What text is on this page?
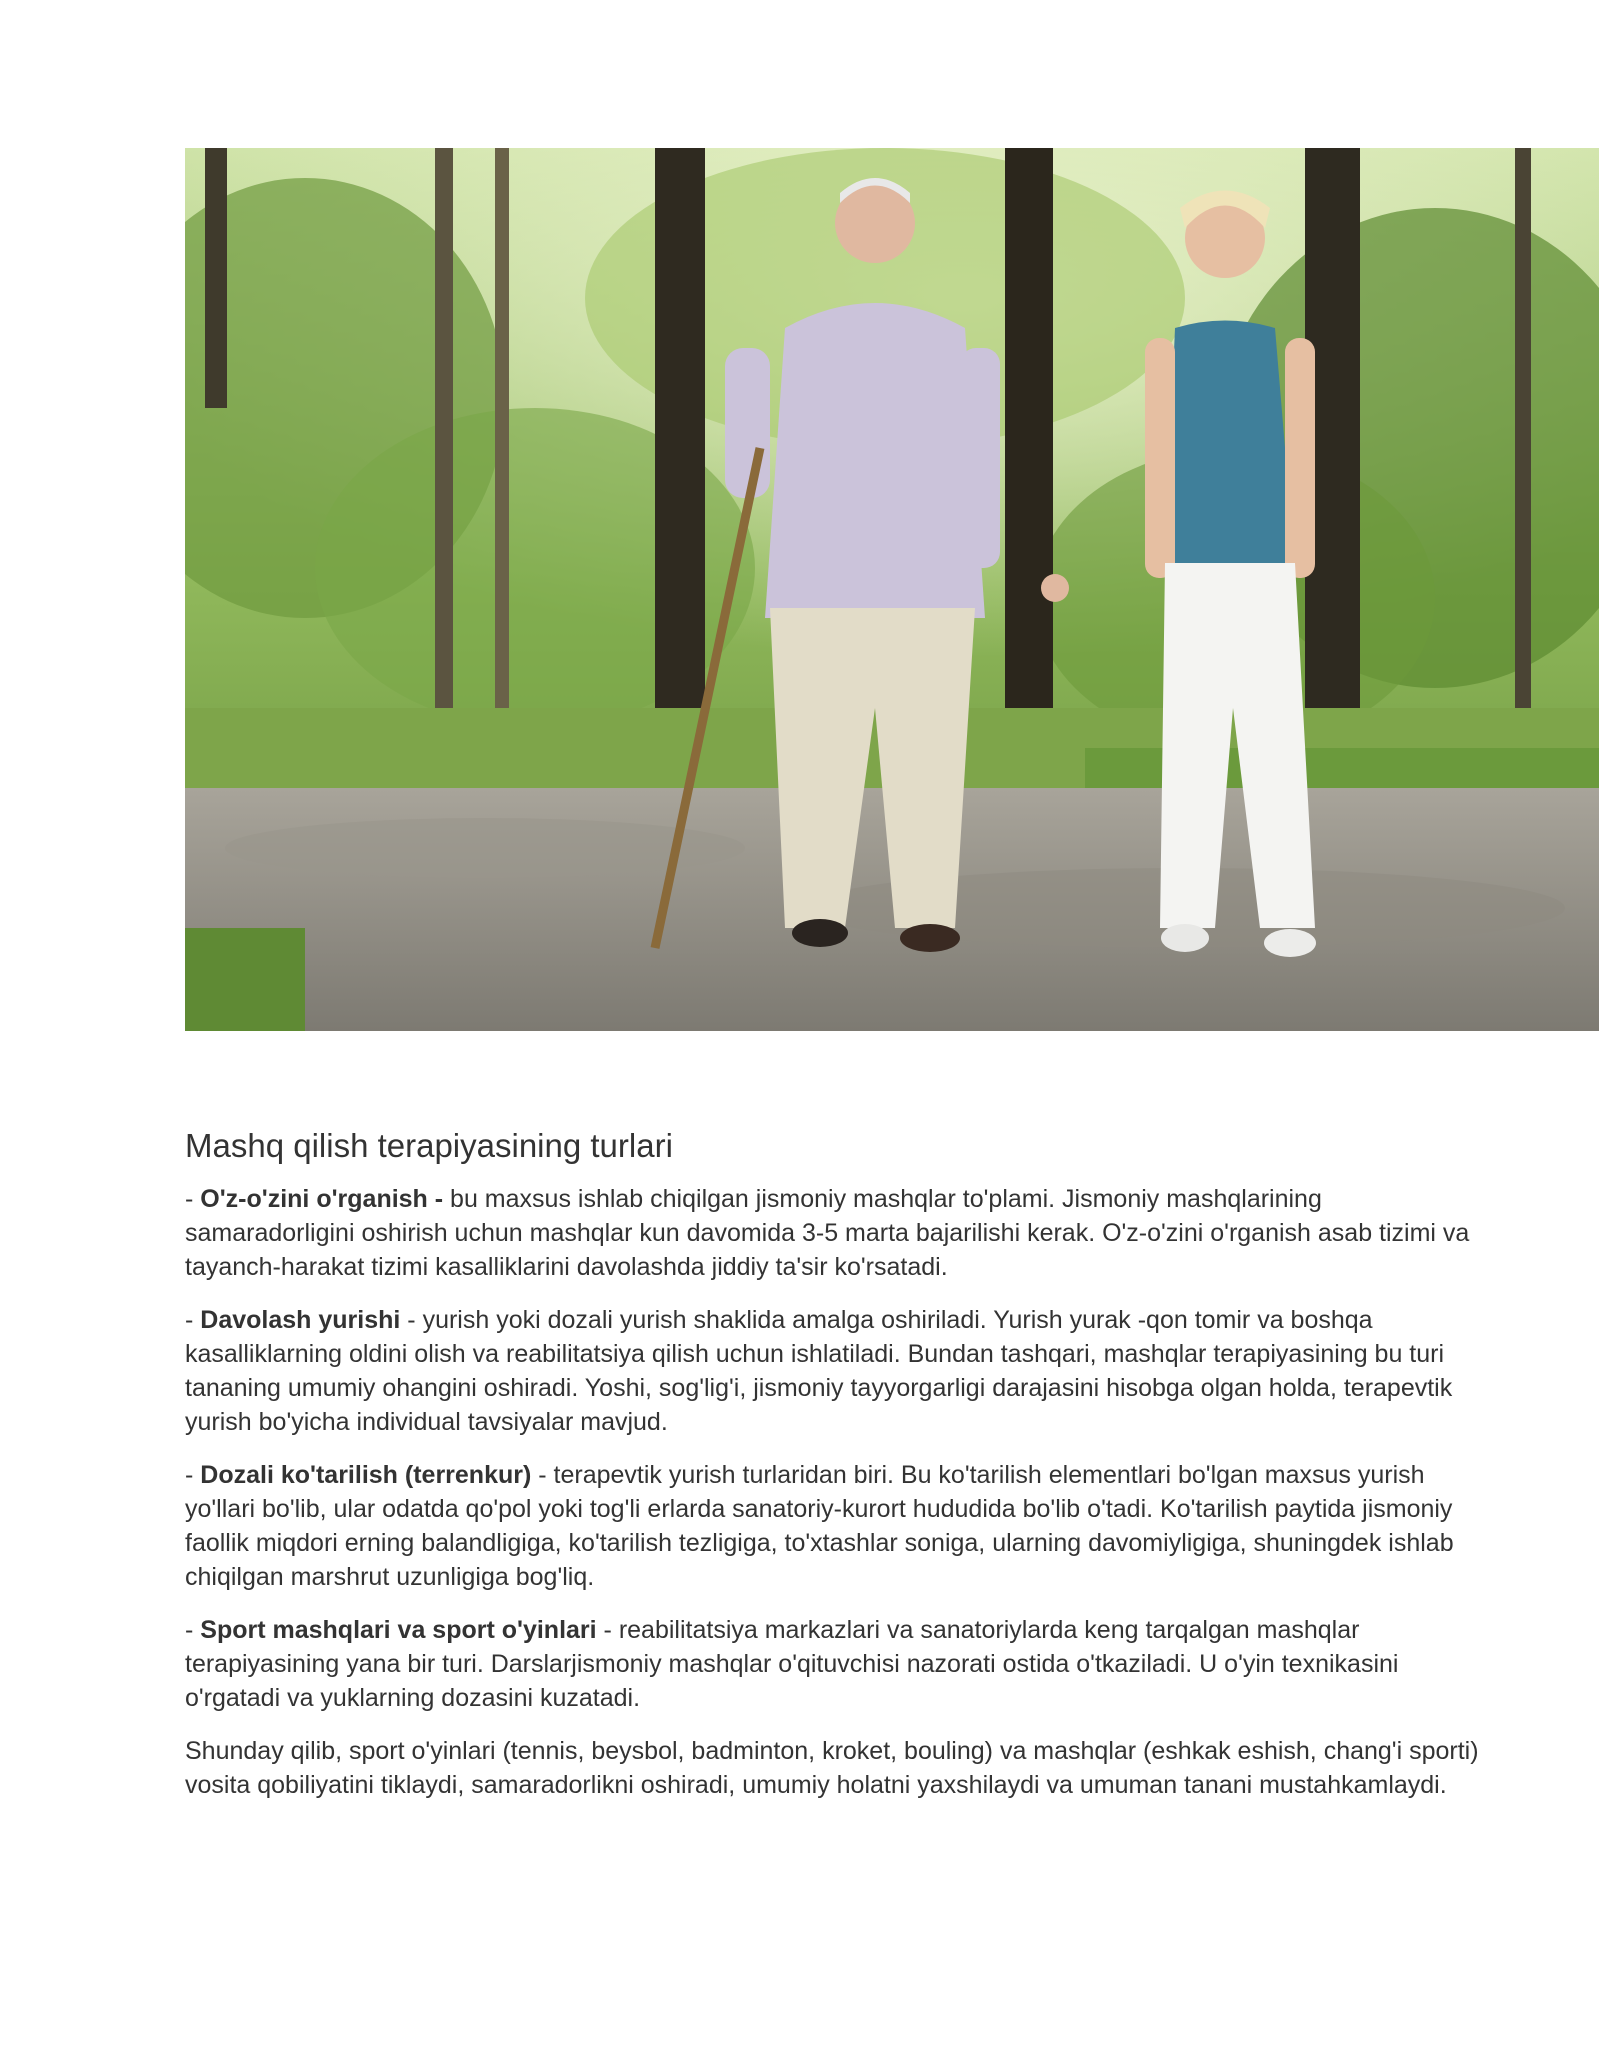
Mashq qilish terapiyasining turlari

- O'z-o'zini o'rganish - bu maxsus ishlab chiqilgan jismoniy mashqlar to'plami. Jismoniy mashqlarining samaradorligini oshirish uchun mashqlar kun davomida 3-5 marta bajarilishi kerak. O'z-o'zini o'rganish asab tizimi va tayanch-harakat tizimi kasalliklarini davolashda jiddiy ta'sir ko'rsatadi.

- Davolash yurishi - yurish yoki dozali yurish shaklida amalga oshiriladi. Yurish yurak -qon tomir va boshqa kasalliklarning oldini olish va reabilitatsiya qilish uchun ishlatiladi. Bundan tashqari, mashqlar terapiyasining bu turi tananing umumiy ohangini oshiradi. Yoshi, sog'lig'i, jismoniy tayyorgarligi darajasini hisobga olgan holda, terapevtik yurish bo'yicha individual tavsiyalar mavjud.

- Dozali ko'tarilish (terrenkur) - terapevtik yurish turlaridan biri. Bu ko'tarilish elementlari bo'lgan maxsus yurish yo'llari bo'lib, ular odatda qo'pol yoki tog'li erlarda sanatoriy-kurort hududida bo'lib o'tadi. Ko'tarilish paytida jismoniy faollik miqdori erning balandligiga, ko'tarilish tezligiga, to'xtashlar soniga, ularning davomiyligiga, shuningdek ishlab chiqilgan marshrut uzunligiga bog'liq.

- Sport mashqlari va sport o'yinlari - reabilitatsiya markazlari va sanatoriylarda keng tarqalgan mashqlar terapiyasining yana bir turi. Darslarjismoniy mashqlar o'qituvchisi nazorati ostida o'tkaziladi. U o'yin texnikasini o'rgatadi va yuklarning dozasini kuzatadi.

Shunday qilib, sport o'yinlari (tennis, beysbol, badminton, kroket, bouling) va mashqlar (eshkak eshish, chang'i sporti) vosita qobiliyatini tiklaydi, samaradorlikni oshiradi, umumiy holatni yaxshilaydi va umuman tanani mustahkamlaydi.
